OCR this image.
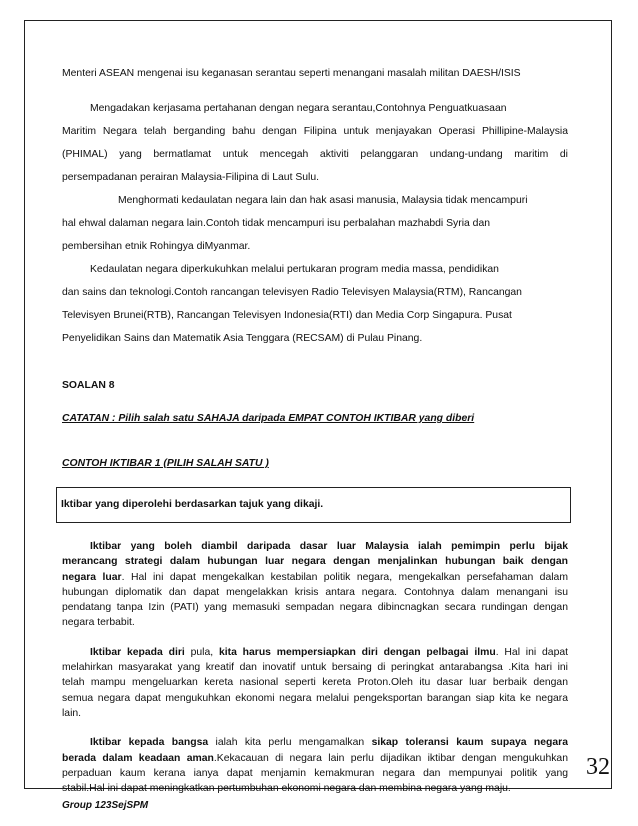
Menteri ASEAN mengenai isu keganasan serantau seperti menangani masalah militan DAESH/ISIS
Mengadakan kerjasama pertahanan dengan negara serantau,Contohnya Penguatkuasaan
Maritim Negara telah berganding bahu dengan Filipina untuk menjayakan Operasi Phillipine-Malaysia
(PHIMAL) yang bermatlamat untuk mencegah aktiviti pelanggaran undang-undang maritim di
persempadanan perairan Malaysia-Filipina di Laut Sulu.
Menghormati kedaulatan negara lain dan hak asasi manusia, Malaysia tidak mencampuri
hal ehwal dalaman negara lain.Contoh tidak mencampuri isu perbalahan mazhabdi Syria dan
pembersihan etnik Rohingya diMyanmar.
Kedaulatan negara diperkukuhkan melalui pertukaran program media massa, pendidikan
dan sains dan teknologi.Contoh rancangan televisyen Radio Televisyen Malaysia(RTM), Rancangan
Televisyen Brunei(RTB), Rancangan Televisyen Indonesia(RTI) dan Media Corp Singapura. Pusat
Penyelidikan Sains dan Matematik Asia Tenggara (RECSAM) di Pulau Pinang.
SOALAN 8
CATATAN : Pilih salah satu SAHAJA daripada EMPAT CONTOH IKTIBAR yang diberi
CONTOH IKTIBAR 1 (PILIH SALAH SATU )
Iktibar yang diperolehi berdasarkan tajuk yang dikaji.
Iktibar yang boleh diambil daripada dasar luar Malaysia ialah pemimpin perlu bijak
merancang strategi dalam hubungan luar negara dengan menjalinkan hubungan baik dengan
negara luar. Hal ini dapat mengekalkan kestabilan politik negara, mengekalkan persefahaman dalam
hubungan diplomatik dan dapat mengelakkan krisis antara negara. Contohnya dalam menangani isu
pendatang tanpa Izin (PATI) yang memasuki sempadan negara dibincnagkan secara rundingan dengan
negara terbabit.
Iktibar kepada diri pula, kita harus mempersiapkan diri dengan pelbagai ilmu. Hal ini dapat
melahirkan masyarakat yang kreatif dan inovatif untuk bersaing di peringkat antarabangsa .Kita hari ini
telah mampu mengeluarkan kereta nasional seperti kereta Proton.Oleh itu dasar luar berbaik dengan
semua negara dapat mengukuhkan ekonomi negara melalui pengeksportan barangan siap kita ke negara
lain.
Iktibar kepada bangsa ialah kita perlu mengamalkan sikap toleransi kaum supaya negara
berada dalam keadaan aman.Kekacauan di negara lain perlu dijadikan iktibar dengan mengukuhkan
perpaduan kaum kerana ianya dapat menjamin kemakmuran negara dan mempunyai politik yang
stabil.Hal ini dapat meningkatkan pertumbuhan ekonomi negara dan membina negara yang maju.
32
Group 123SejSPM
